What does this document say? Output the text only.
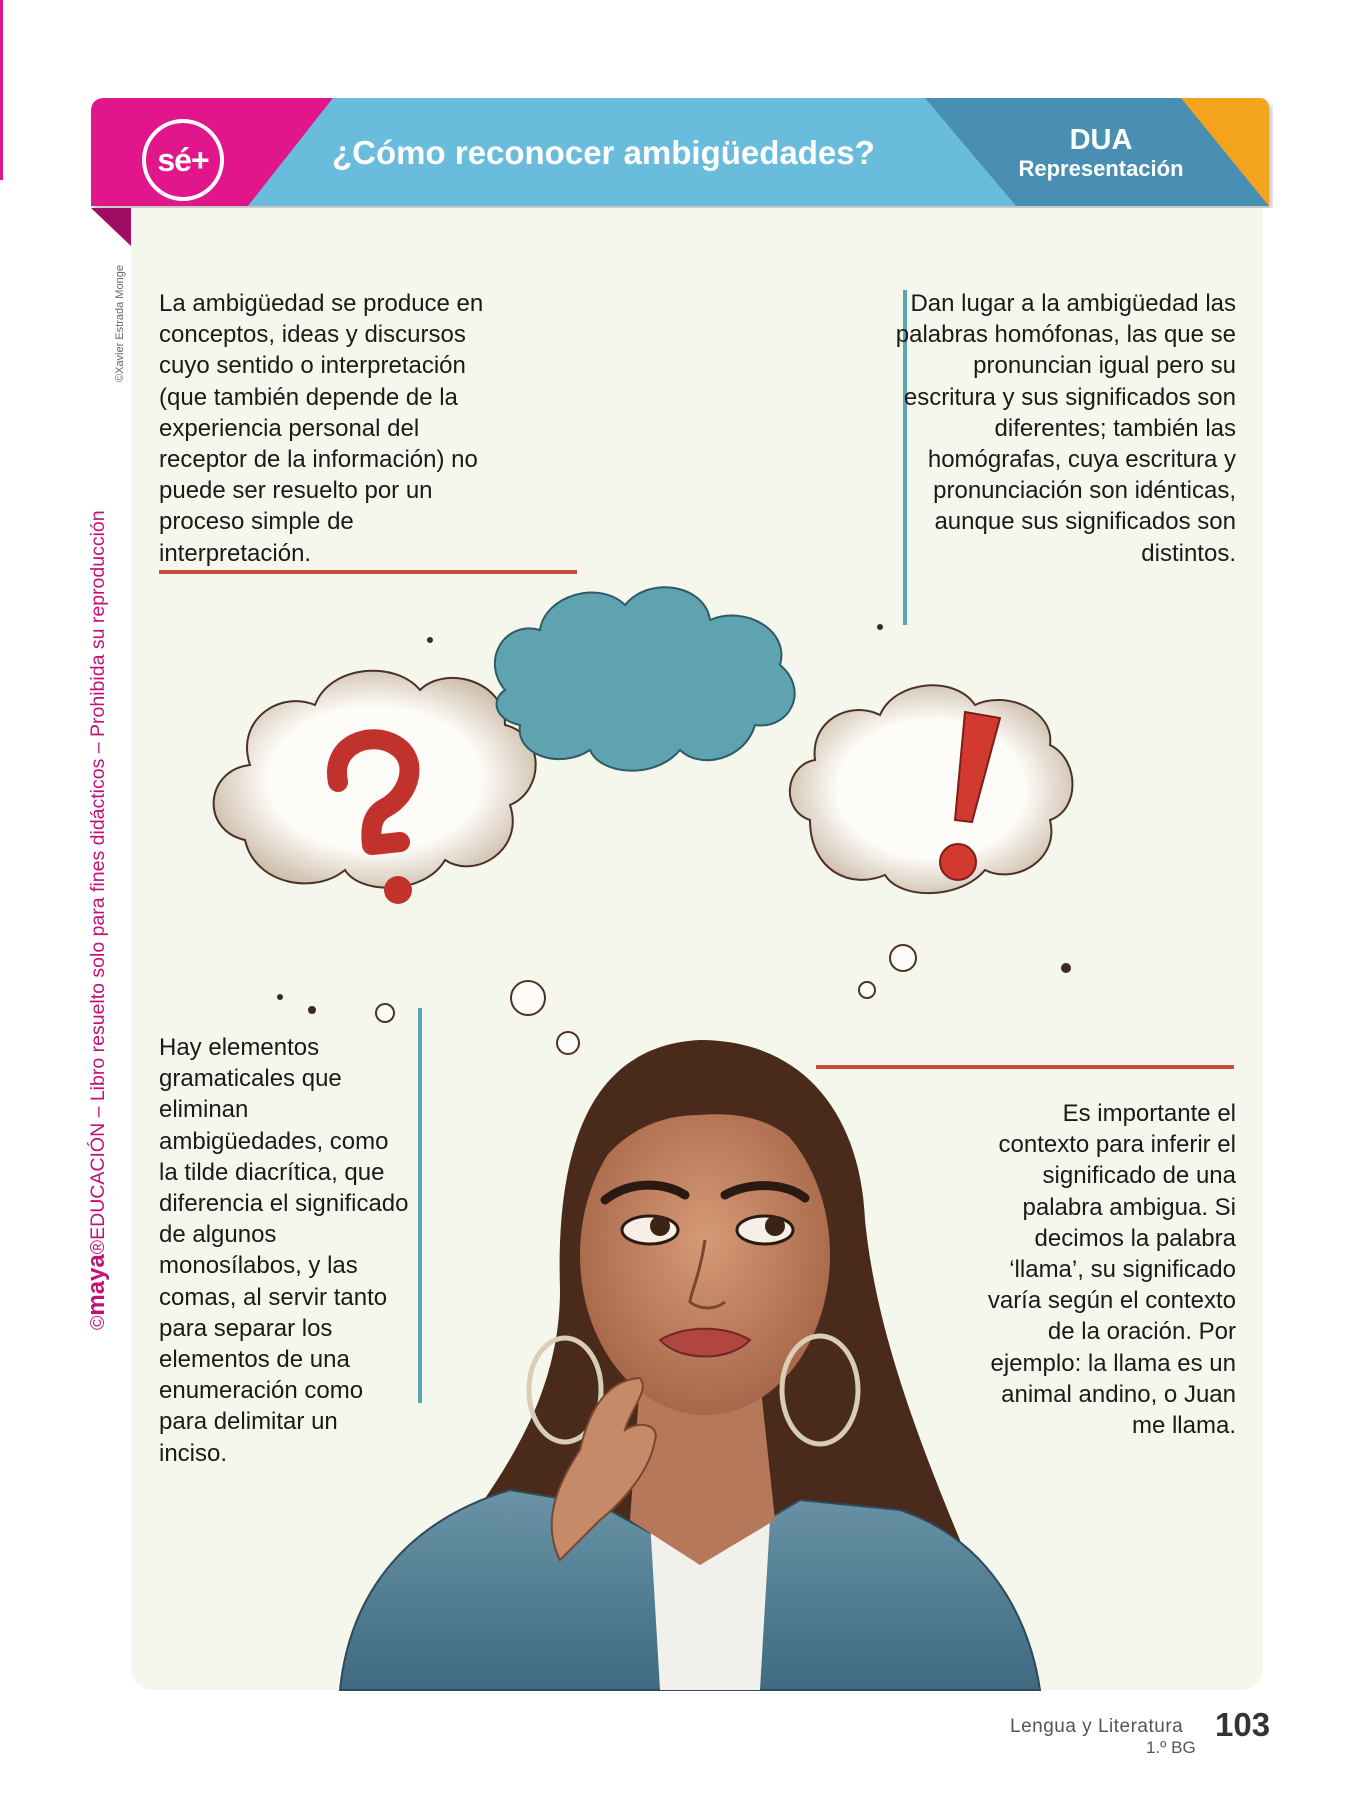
sé+	¿Cómo reconocer ambigüedades?	DUA
Representación
La ambigüedad se produce en conceptos, ideas y discursos cuyo sentido o interpretación (que también depende de la experiencia personal del receptor de la información) no puede ser resuelto por un proceso simple de interpretación.
Dan lugar a la ambigüedad las palabras homófonas, las que se pronuncian igual pero su escritura y sus significados son diferentes; también las homógrafas, cuya escritura y pronunciación son idénticas, aunque sus significados son distintos.
Hay elementos gramaticales que eliminan ambigüedades, como la tilde diacrítica, que diferencia el significado de algunos monosílabos, y las comas, al servir tanto para separar los elementos de una enumeración como para delimitar un inciso.
Es importante el contexto para inferir el significado de una palabra ambigua. Si decimos la palabra ‘llama’, su significado varía según el contexto de la oración. Por ejemplo: la llama es un animal andino, o Juan me llama.
©maya®EDUCACIÓN – Libro resuelto solo para fines didácticos – Prohibida su reproducción
©Xavier Estrada Monge
Lengua y Literatura
1.º BG
103
